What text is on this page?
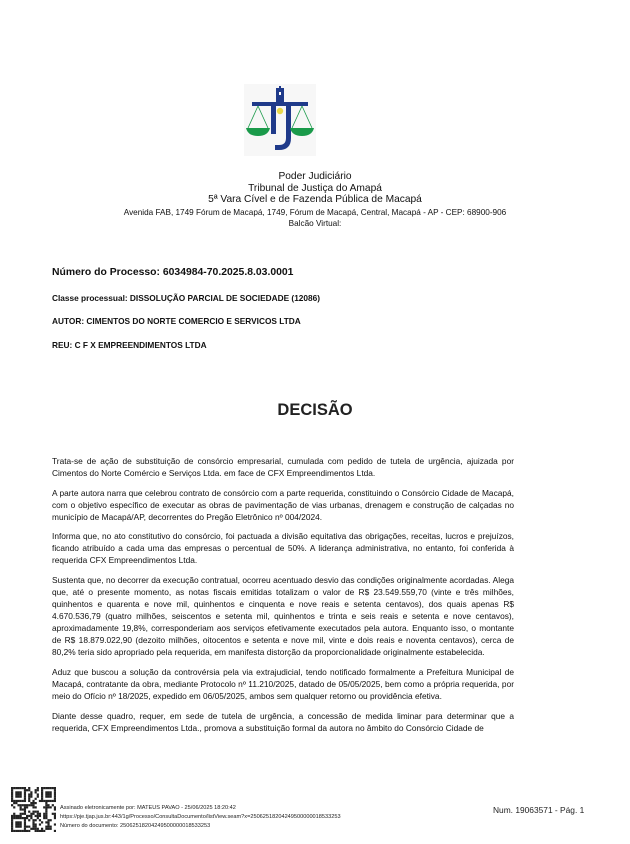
Poder Judiciário
Tribunal de Justiça do Amapá
5ª Vara Cível e de Fazenda Pública de Macapá
Avenida FAB, 1749 Fórum de Macapá, 1749, Fórum de Macapá, Central, Macapá - AP - CEP: 68900-906
Balcão Virtual:
Número do Processo: 6034984-70.2025.8.03.0001
Classe processual: DISSOLUÇÃO PARCIAL DE SOCIEDADE (12086)
AUTOR: CIMENTOS DO NORTE COMERCIO E SERVICOS LTDA
REU: C F X EMPREENDIMENTOS LTDA
DECISÃO

Trata-se de ação de substituição de consórcio empresarial, cumulada com pedido de tutela de urgência, ajuizada por Cimentos do Norte Comércio e Serviços Ltda. em face de CFX Empreendimentos Ltda.

A parte autora narra que celebrou contrato de consórcio com a parte requerida, constituindo o Consórcio Cidade de Macapá, com o objetivo específico de executar as obras de pavimentação de vias urbanas, drenagem e construção de calçadas no município de Macapá/AP, decorrentes do Pregão Eletrônico nº 004/2024.

Informa que, no ato constitutivo do consórcio, foi pactuada a divisão equitativa das obrigações, receitas, lucros e prejuízos, ficando atribuído a cada uma das empresas o percentual de 50%. A liderança administrativa, no entanto, foi conferida à requerida CFX Empreendimentos Ltda.

Sustenta que, no decorrer da execução contratual, ocorreu acentuado desvio das condições originalmente acordadas. Alega que, até o presente momento, as notas fiscais emitidas totalizam o valor de R$ 23.549.559,70 (vinte e três milhões, quinhentos e quarenta e nove mil, quinhentos e cinquenta e nove reais e setenta centavos), dos quais apenas R$ 4.670.536,79 (quatro milhões, seiscentos e setenta mil, quinhentos e trinta e seis reais e setenta e nove centavos), aproximadamente 19,8%, corresponderiam aos serviços efetivamente executados pela autora. Enquanto isso, o montante de R$ 18.879.022,90 (dezoito milhões, oitocentos e setenta e nove mil, vinte e dois reais e noventa centavos), cerca de 80,2% teria sido apropriado pela requerida, em manifesta distorção da proporcionalidade originalmente estabelecida.

Aduz que buscou a solução da controvérsia pela via extrajudicial, tendo notificado formalmente a Prefeitura Municipal de Macapá, contratante da obra, mediante Protocolo nº 11.210/2025, datado de 05/05/2025, bem como a própria requerida, por meio do Ofício nº 18/2025, expedido em 06/05/2025, ambos sem qualquer retorno ou providência efetiva.

Diante desse quadro, requer, em sede de tutela de urgência, a concessão de medida liminar para determinar que a requerida, CFX Empreendimentos Ltda., promova a substituição formal da autora no âmbito do Consórcio Cidade de

Assinado eletronicamente por: MATEUS PAVAO - 25/06/2025 18:20:42
https://pje.tjap.jus.br:443/1g/Processo/ConsultaDocumento/listView.seam?x=25062518204249500000018533253
Número do documento: 25062518204249500000018533253
Num. 19063571 - Pág. 1
